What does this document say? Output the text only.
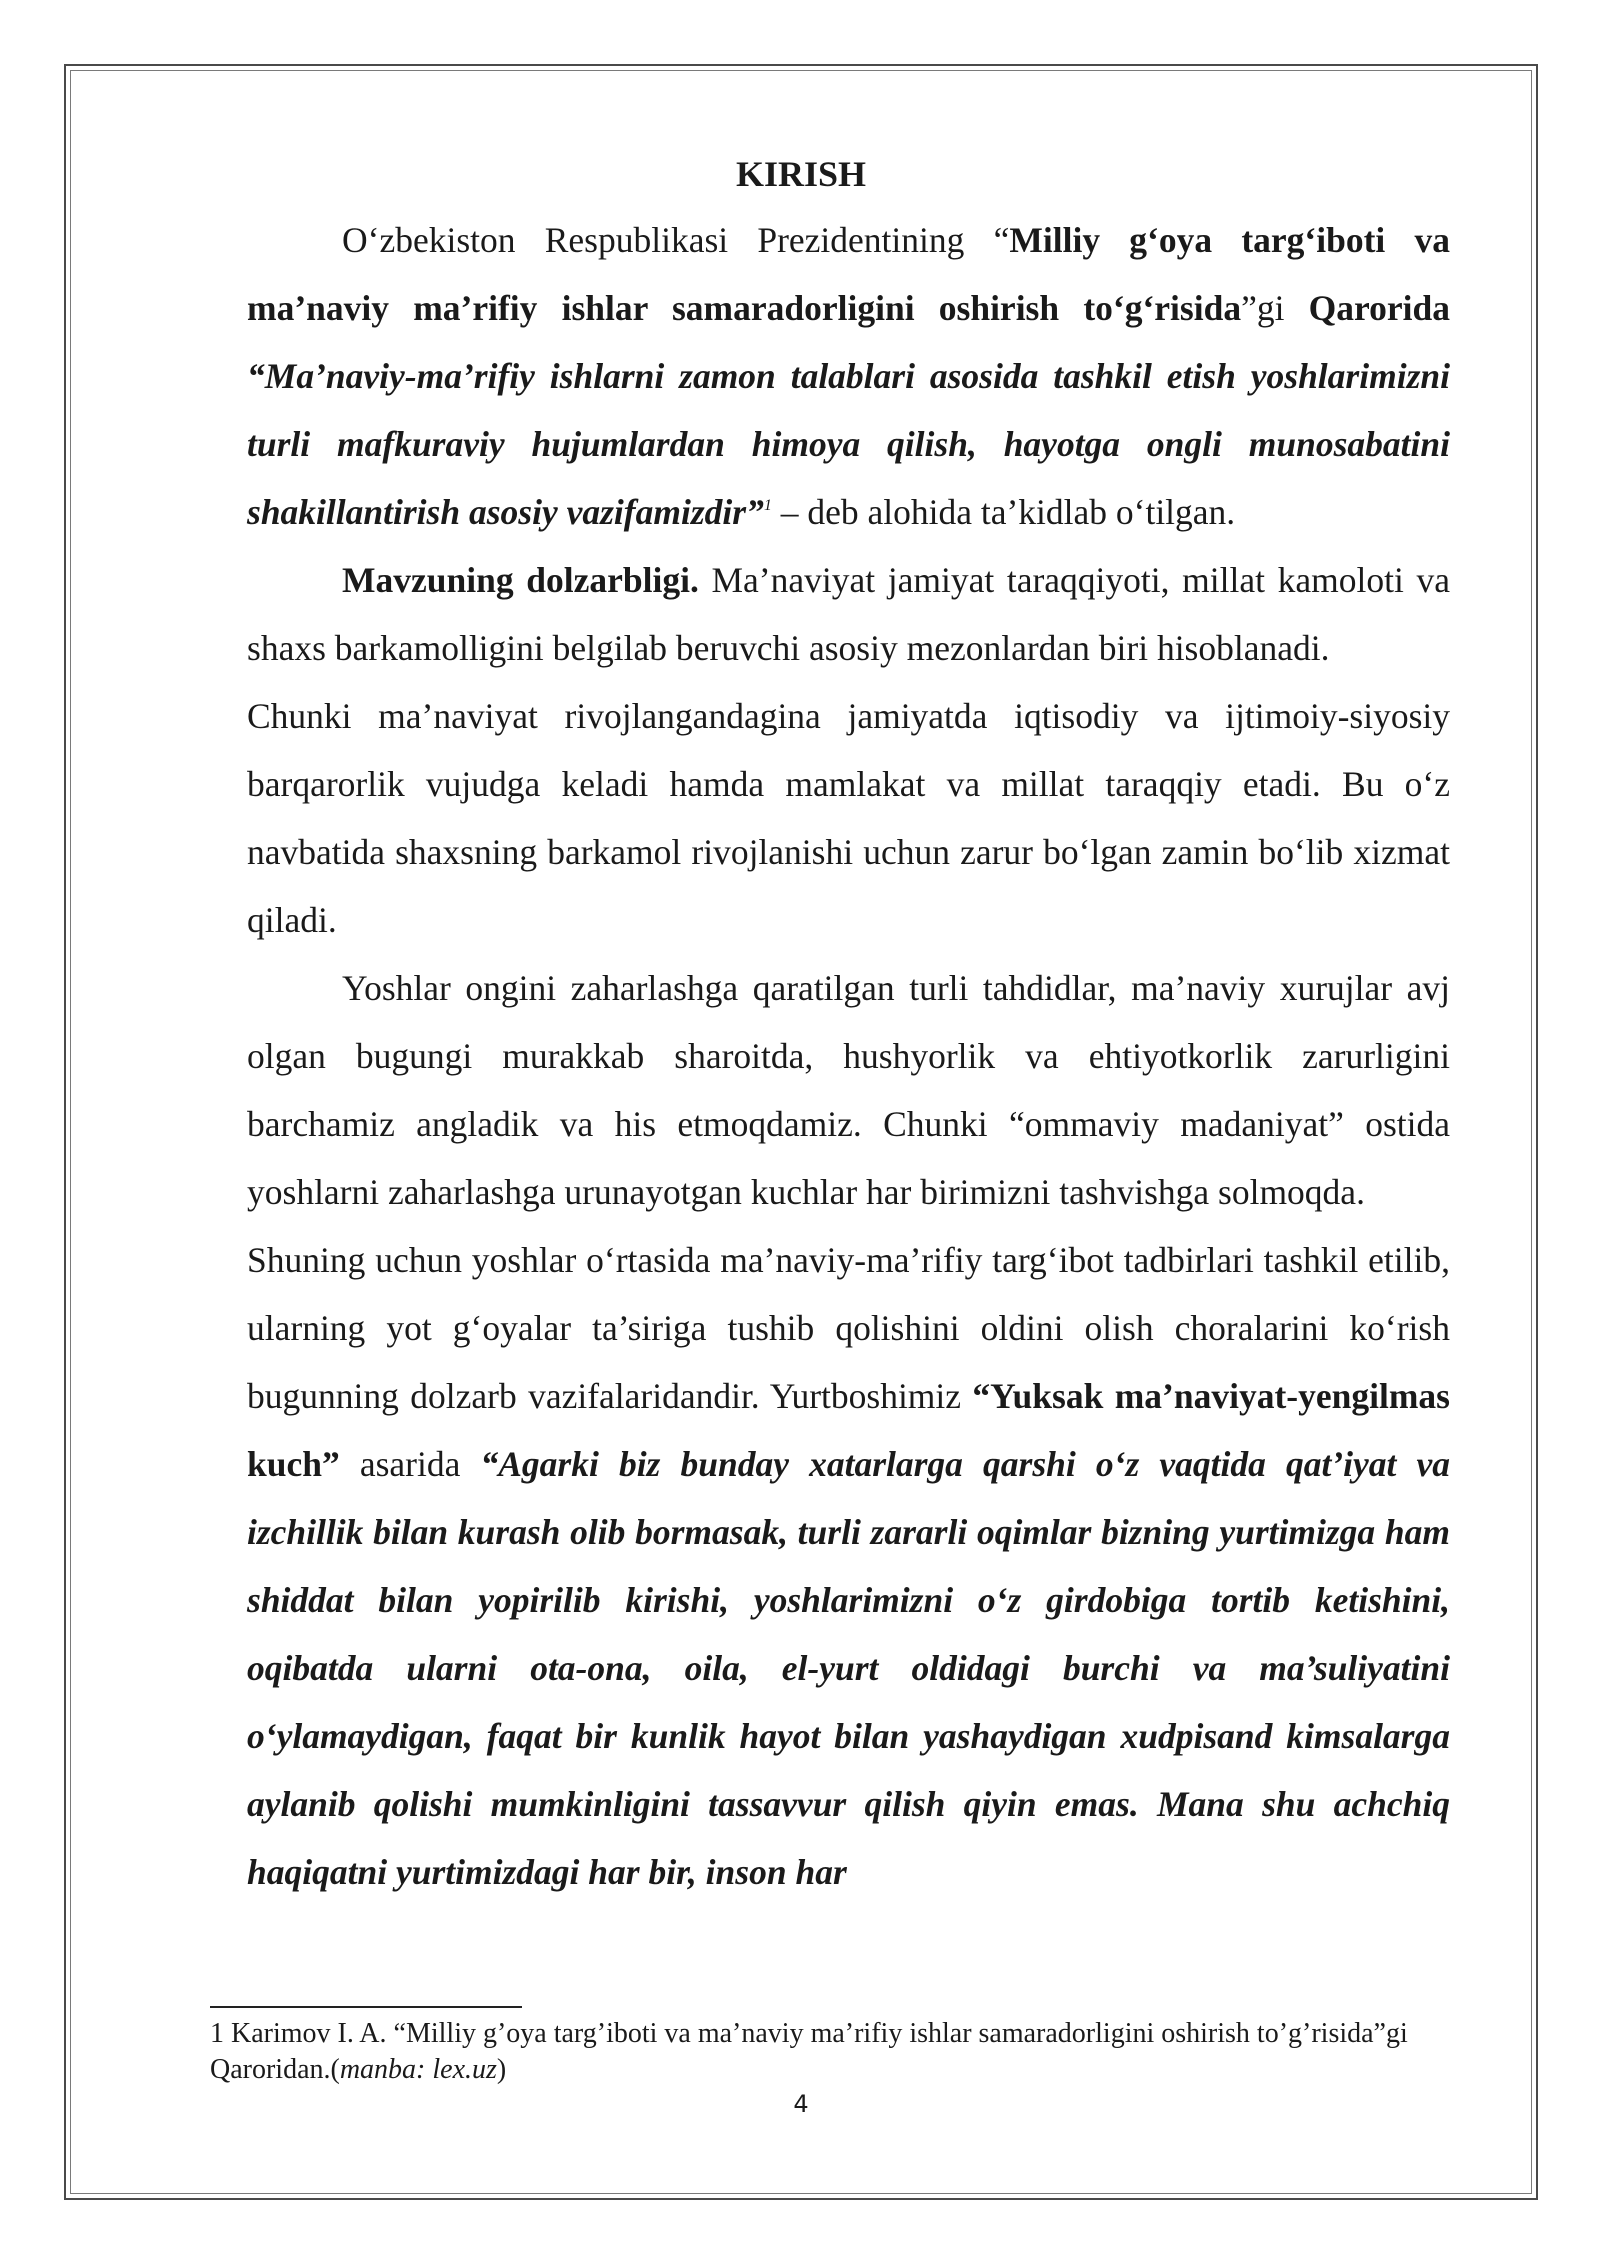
KIRISH

O‘zbekiston Respublikasi Prezidentining “Milliy g‘oya targ‘iboti va ma’naviy ma’rifiy ishlar samaradorligini oshirish to‘g‘risida”gi Qarorida “Ma’naviy-ma’rifiy ishlarni zamon talablari asosida tashkil etish yoshlarimizni turli mafkuraviy hujumlardan himoya qilish, hayotga ongli munosabatini shakillantirish asosiy vazifamizdir”$^1$ – deb alohida ta’kidlab o‘tilgan.

Mavzuning dolzarbligi. Ma’naviyat jamiyat taraqqiyoti, millat kamoloti va shaxs barkamolligini belgilab beruvchi asosiy mezonlardan biri hisoblanadi.

Chunki ma’naviyat rivojlangandagina jamiyatda iqtisodiy va ijtimoiy-siyosiy barqarorlik vujudga keladi hamda mamlakat va millat taraqqiy etadi. Bu o‘z navbatida shaxsning barkamol rivojlanishi uchun zarur bo‘lgan zamin bo‘lib xizmat qiladi.

Yoshlar ongini zaharlashga qaratilgan turli tahdidlar, ma’naviy xurujlar avj olgan bugungi murakkab sharoitda, hushyorlik va ehtiyotkorlik zarurligini barchamiz angladik va his etmoqdamiz. Chunki “ommaviy madaniyat” ostida yoshlarni zaharlashga urunayotgan kuchlar har birimizni tashvishga solmoqda.

Shuning uchun yoshlar o‘rtasida ma’naviy-ma’rifiy targ‘ibot tadbirlari tashkil etilib, ularning yot g‘oyalar ta’siriga tushib qolishini oldini olish choralarini ko‘rish bugunning dolzarb vazifalaridandir. Yurtboshimiz “Yuksak ma’naviyat-yengilmas kuch” asarida “Agarki biz bunday xatarlarga qarshi o‘z vaqtida qat’iyat va izchillik bilan kurash olib bormasak, turli zararli oqimlar bizning yurtimizga ham shiddat bilan yopirilib kirishi, yoshlarimizni o‘z girdobiga tortib ketishini, oqibatda ularni ota-ona, oila, el-yurt oldidagi burchi va ma’suliyatini o‘ylamaydigan, faqat bir kunlik hayot bilan yashaydigan xudpisand kimsalarga aylanib qolishi mumkinligini tassavvur qilish qiyin emas. Mana shu achchiq haqiqatni yurtimizdagi har bir, inson har

1 Karimov I. A. “Milliy g’oya targ’iboti va ma’naviy ma’rifiy ishlar samaradorligini oshirish to’g’risida”gi Qaroridan.(manba: lex.uz)

4
